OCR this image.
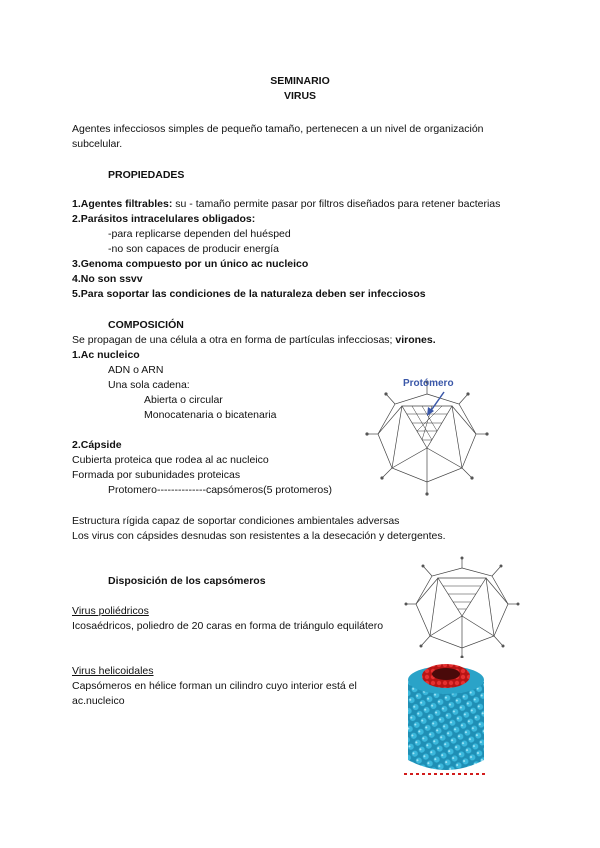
SEMINARIO
VIRUS
Agentes infecciosos simples de pequeño tamaño, pertenecen a un nivel de organización
subcelular.
PROPIEDADES
1.Agentes filtrables: su - tamaño permite pasar por filtros diseñados para retener bacterias
2.Parásitos intracelulares obligados:
-para replicarse dependen del huésped
-no son capaces de producir energía
3.Genoma compuesto por un único ac nucleico
4.No son ssvv
5.Para soportar las condiciones de la naturaleza deben ser infecciosos
COMPOSICIÓN
Se propagan de una célula a otra en forma de partículas infecciosas; virones.
1.Ac nucleico
ADN o ARN
Una sola cadena:
Abierta o circular
Monocatenaria o bicatenaria
2.Cápside
Cubierta proteica que rodea al ac nucleico
Formada por subunidades proteicas
Protomero--------------capsómeros(5 protomeros)
Estructura rígida capaz de soportar condiciones ambientales adversas
Los virus con cápsides desnudas son resistentes a la desecación y detergentes.
Disposición de los capsómeros
Virus poliédricos
Icosaédricos, poliedro de 20 caras en forma de triángulo equilátero
Virus helicoidales
Capsómeros en hélice forman un cilindro cuyo interior está el
ac.nucleico
Protómero
